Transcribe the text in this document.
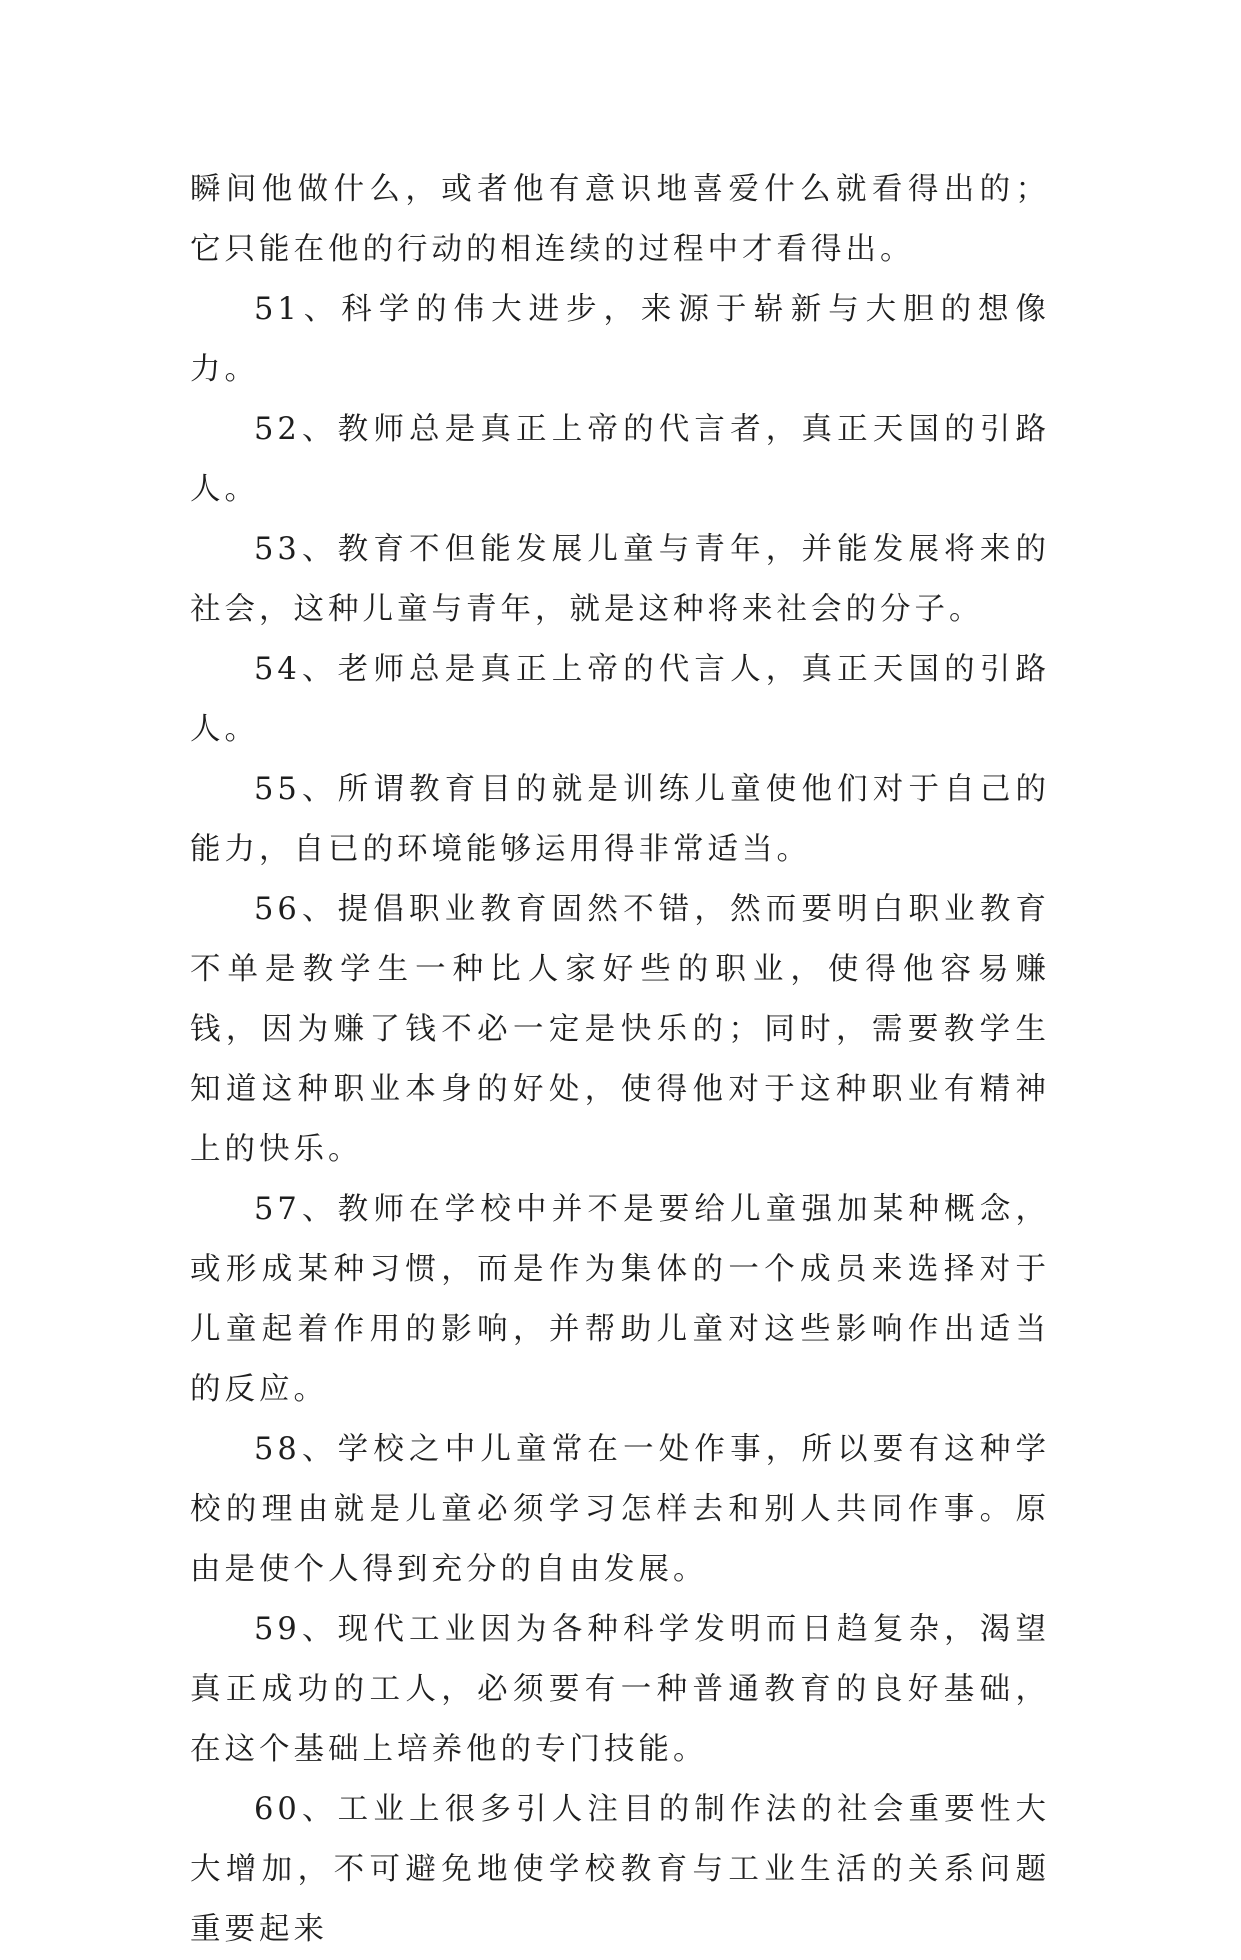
瞬间他做什么，或者他有意识地喜爱什么就看得出的；它只能在他的行动的相连续的过程中才看得出。

51、科学的伟大进步，来源于崭新与大胆的想像力。

52、教师总是真正上帝的代言者，真正天国的引路人。

53、教育不但能发展儿童与青年，并能发展将来的社会，这种儿童与青年，就是这种将来社会的分子。

54、老师总是真正上帝的代言人，真正天国的引路人。

55、所谓教育目的就是训练儿童使他们对于自己的能力，自已的环境能够运用得非常适当。

56、提倡职业教育固然不错，然而要明白职业教育不单是教学生一种比人家好些的职业，使得他容易赚钱，因为赚了钱不必一定是快乐的；同时，需要教学生知道这种职业本身的好处，使得他对于这种职业有精神上的快乐。

57、教师在学校中并不是要给儿童强加某种概念，或形成某种习惯，而是作为集体的一个成员来选择对于儿童起着作用的影响，并帮助儿童对这些影响作出适当的反应。

58、学校之中儿童常在一处作事，所以要有这种学校的理由就是儿童必须学习怎样去和别人共同作事。原由是使个人得到充分的自由发展。

59、现代工业因为各种科学发明而日趋复杂，渴望真正成功的工人，必须要有一种普通教育的良好基础，在这个基础上培养他的专门技能。

60、工业上很多引人注目的制作法的社会重要性大大增加，不可避免地使学校教育与工业生活的关系问题重要起来
